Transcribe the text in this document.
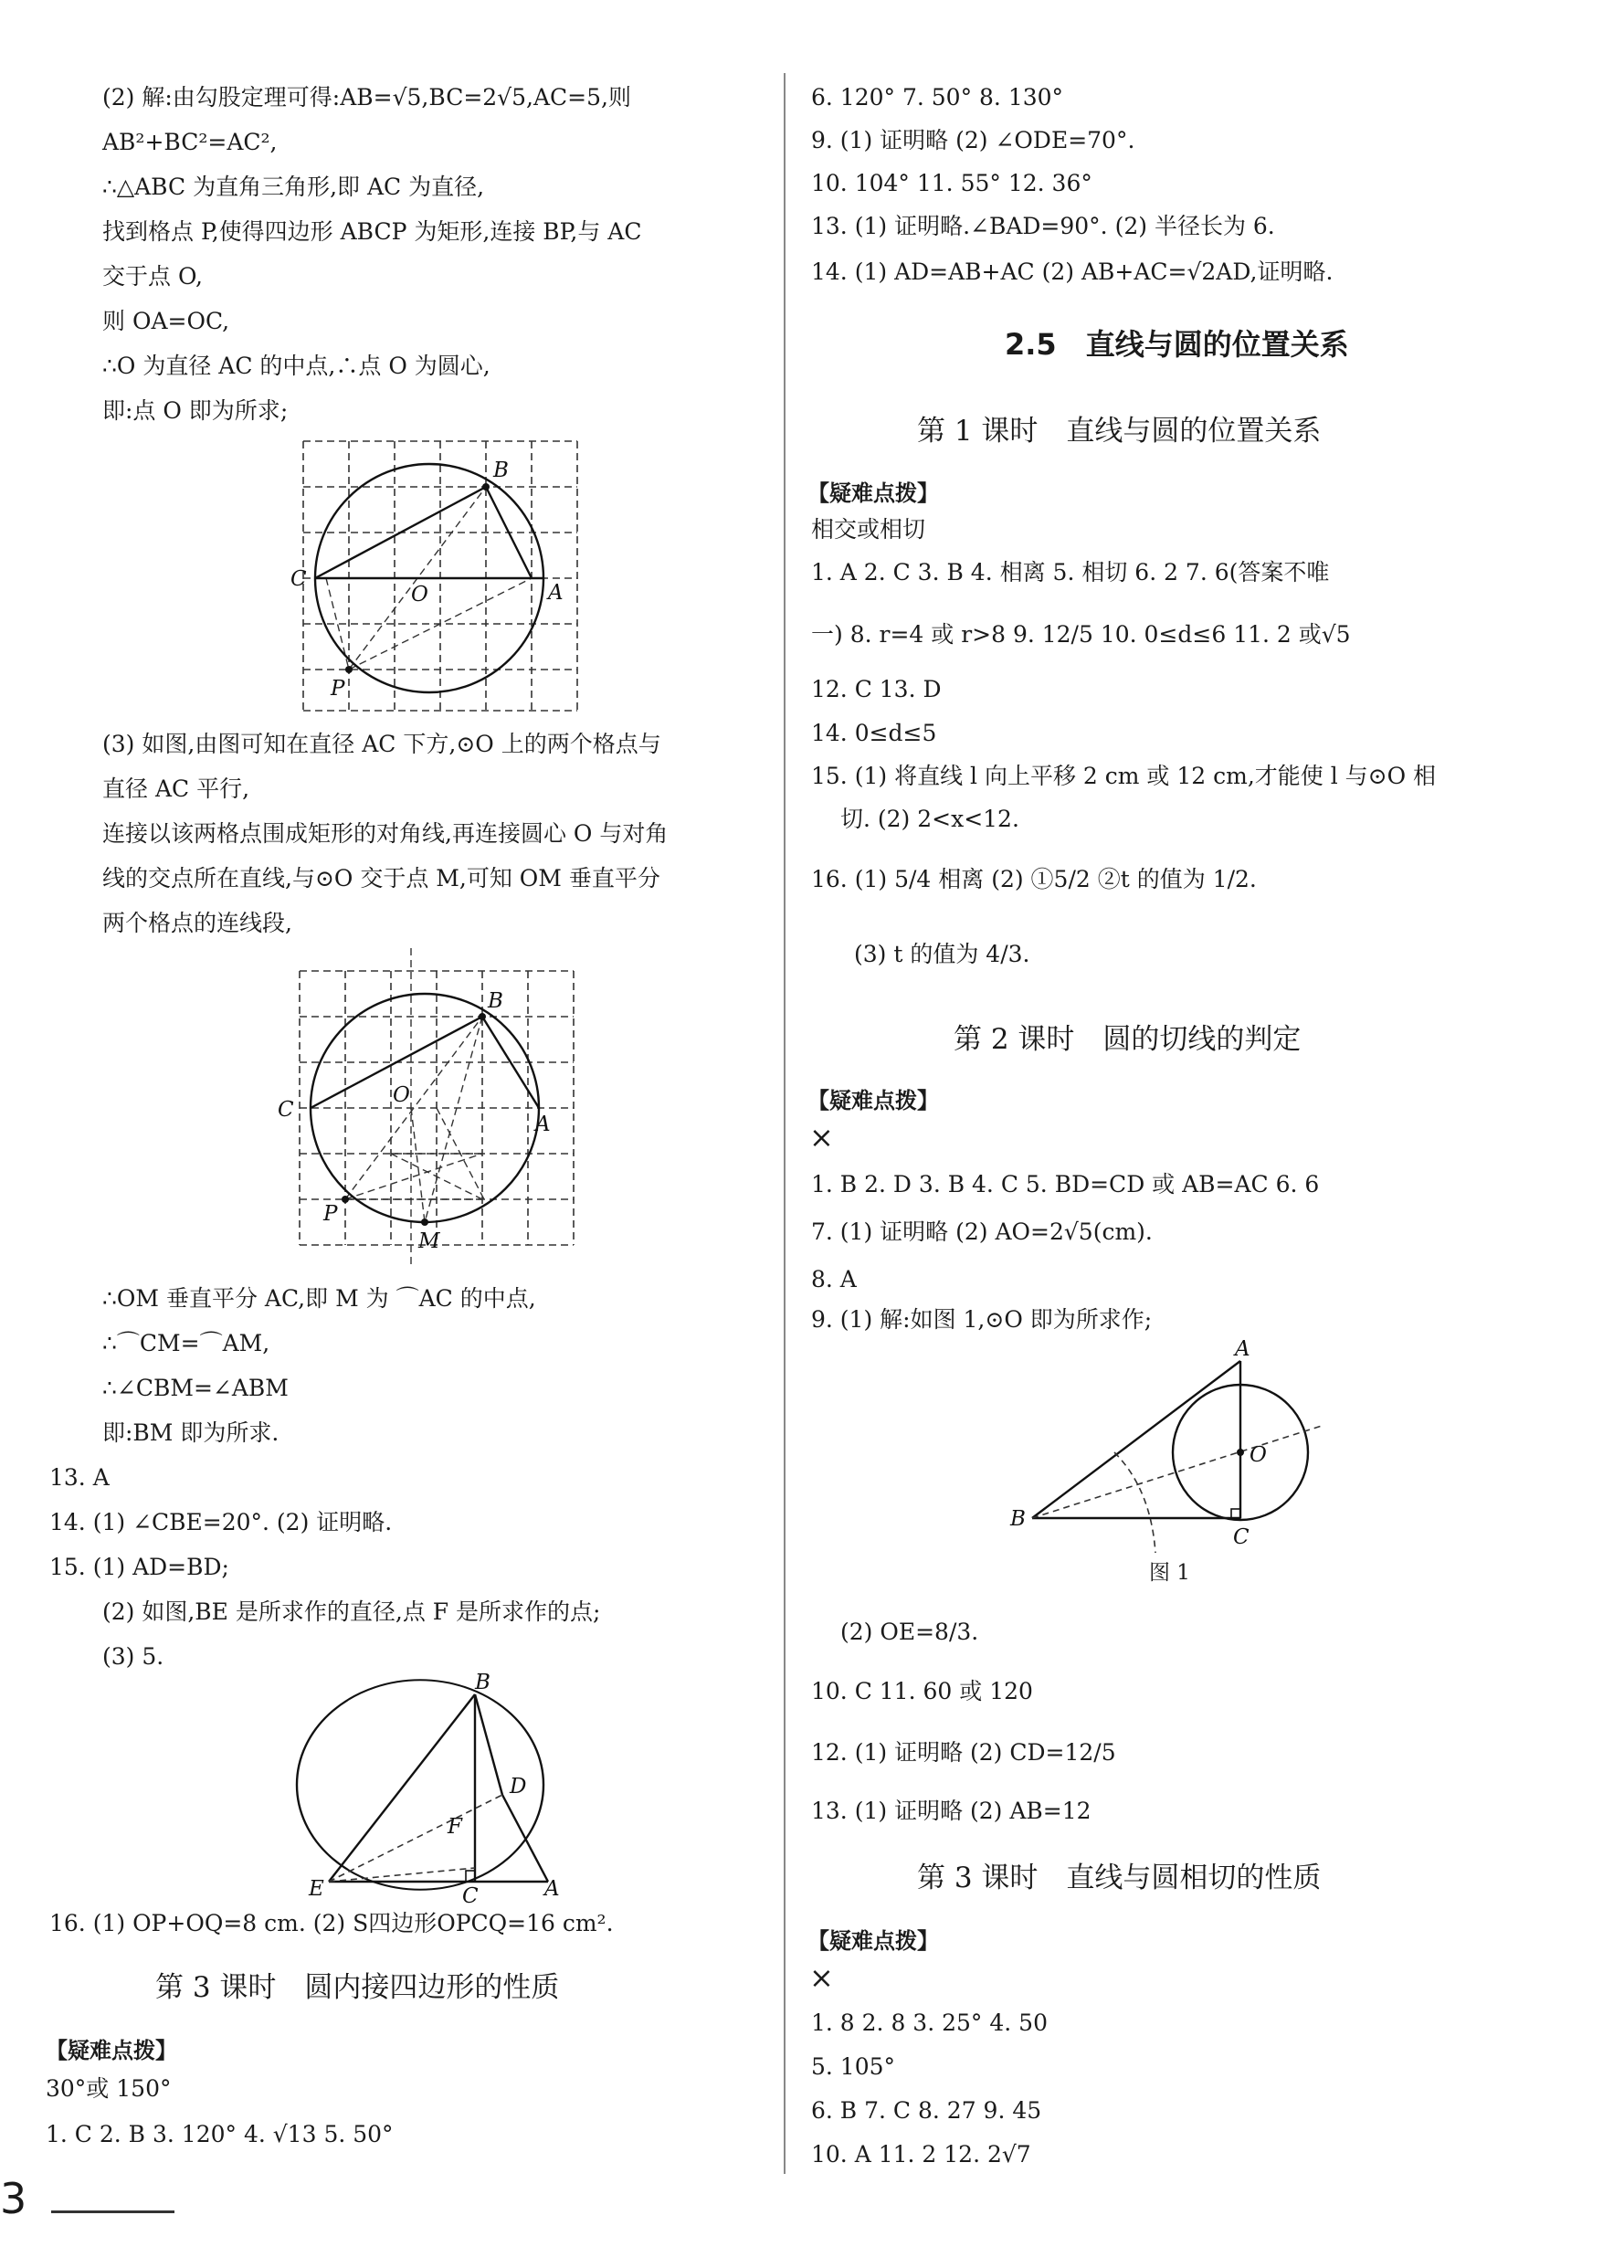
(2) 解:由勾股定理可得:AB=√5,BC=2√5,AC=5,则
AB²+BC²=AC²,
∴△ABC 为直角三角形,即 AC 为直径,
找到格点 P,使得四边形 ABCP 为矩形,连接 BP,与 AC
交于点 O,
则 OA=OC,
∴O 为直径 AC 的中点,∴点 O 为圆心,
即:点 O 即为所求;
B
C
A
O
P
(3) 如图,由图可知在直径 AC 下方,⊙O 上的两个格点与
直径 AC 平行,
连接以该两格点围成矩形的对角线,再连接圆心 O 与对角
线的交点所在直线,与⊙O 交于点 M,可知 OM 垂直平分
两个格点的连线段,
B
C
A
O
P
M
∴OM 垂直平分 AC,即 M 为 ⌒AC 的中点,
∴⌒CM=⌒AM,
∴∠CBM=∠ABM
即:BM 即为所求.
13. A
14. (1) ∠CBE=20°. (2) 证明略.
15. (1) AD=BD;
(2) 如图,BE 是所求作的直径,点 F 是所求作的点;
(3) 5.
B
D
F
E	C	A
16. (1) OP+OQ=8 cm. (2) S四边形OPCQ=16 cm².
第 3 课时　圆内接四边形的性质
【疑难点拨】
30°或 150°
1. C 2. B 3. 120° 4. √13 5. 50°
6. 120° 7. 50° 8. 130°
9. (1) 证明略 (2) ∠ODE=70°.
10. 104° 11. 55° 12. 36°
13. (1) 证明略.∠BAD=90°. (2) 半径长为 6.
14. (1) AD=AB+AC (2) AB+AC=√2AD,证明略.
2.5　直线与圆的位置关系
第 1 课时　直线与圆的位置关系
【疑难点拨】
相交或相切
1. A 2. C 3. B 4. 相离 5. 相切 6. 2 7. 6(答案不唯
一) 8. r=4 或 r>8 9. 12/5 10. 0≤d≤6 11. 2 或√5
12. C 13. D
14. 0≤d≤5
15. (1) 将直线 l 向上平移 2 cm 或 12 cm,才能使 l 与⊙O 相
切. (2) 2<x<12.
16. (1) 5/4 相离 (2) ①5/2 ②t 的值为 1/2.
(3) t 的值为 4/3.
第 2 课时　圆的切线的判定
【疑难点拨】
×
1. B 2. D 3. B 4. C 5. BD=CD 或 AB=AC 6. 6
7. (1) 证明略 (2) AO=2√5(cm).
8. A
9. (1) 解:如图 1,⊙O 即为所求作;
A
O
B
C
图 1
(2) OE=8/3.
10. C 11. 60 或 120
12. (1) 证明略 (2) CD=12/5
13. (1) 证明略 (2) AB=12
第 3 课时　直线与圆相切的性质
【疑难点拨】
×
1. 8 2. 8 3. 25° 4. 50
5. 105°
6. B 7. C 8. 27 9. 45
10. A 11. 2 12. 2√7
3
